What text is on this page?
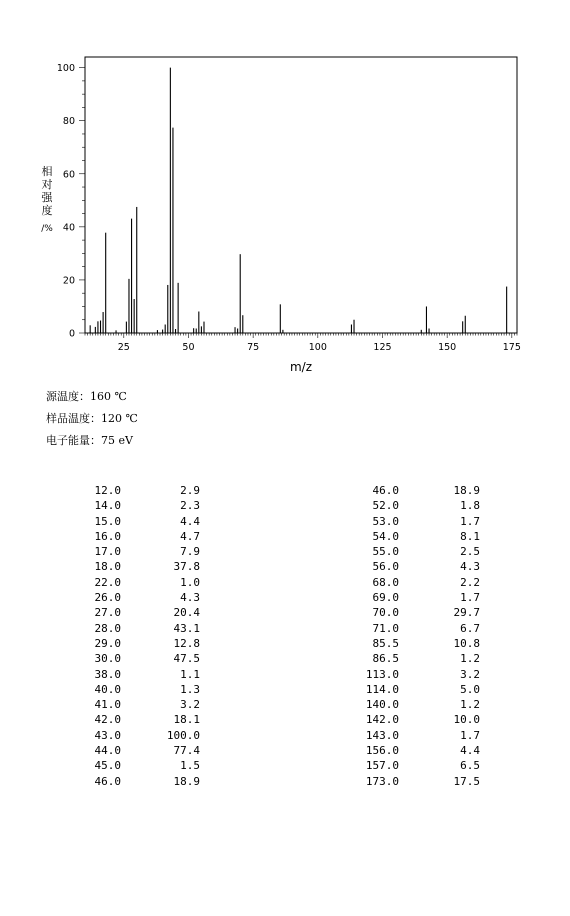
25	50	75	100	125	150	175
0
20
40
60
80
100
m/z
相对强度/%
源温度：160 ℃
样品温度：120 ℃
电子能量：75 eV
12.0	2.9
14.0	2.3
15.0	4.4
16.0	4.7
17.0	7.9
18.0	37.8
22.0	1.0
26.0	4.3
27.0	20.4
28.0	43.1
29.0	12.8
30.0	47.5
38.0	1.1
40.0	1.3
41.0	3.2
42.0	18.1
43.0	100.0
44.0	77.4
45.0	1.5
46.0	18.9
46.0	18.9
52.0	1.8
53.0	1.7
54.0	8.1
55.0	2.5
56.0	4.3
68.0	2.2
69.0	1.7
70.0	29.7
71.0	6.7
85.5	10.8
86.5	1.2
113.0	3.2
114.0	5.0
140.0	1.2
142.0	10.0
143.0	1.7
156.0	4.4
157.0	6.5
173.0	17.5
